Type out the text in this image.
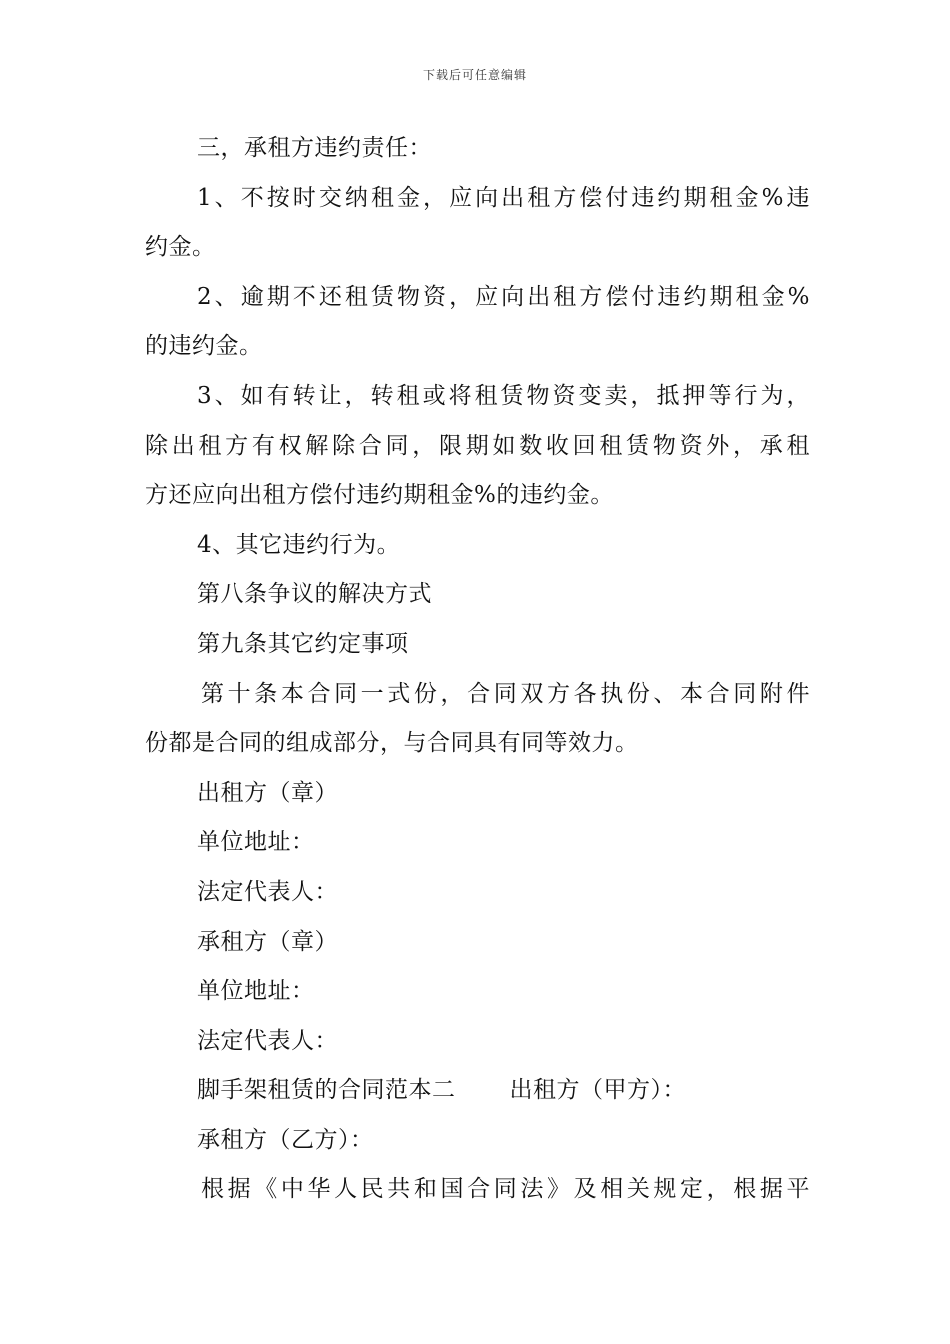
下载后可任意编辑
三，承租方违约责任：
1、不按时交纳租金，应向出租方偿付违约期租金%违
约金。
2、逾期不还租赁物资，应向出租方偿付违约期租金%
的违约金。
3、如有转让，转租或将租赁物资变卖，抵押等行为，
除出租方有权解除合同，限期如数收回租赁物资外，承租
方还应向出租方偿付违约期租金%的违约金。
4、其它违约行为。
第八条争议的解决方式
第九条其它约定事项
第十条本合同一式份，合同双方各执份、本合同附件
份都是合同的组成部分，与合同具有同等效力。
出租方（章）
单位地址：
法定代表人：
承租方（章）
单位地址：
法定代表人：
脚手架租赁的合同范本二 出租方（甲方）：
承租方（乙方）：
根据《中华人民共和国合同法》及相关规定，根据平
